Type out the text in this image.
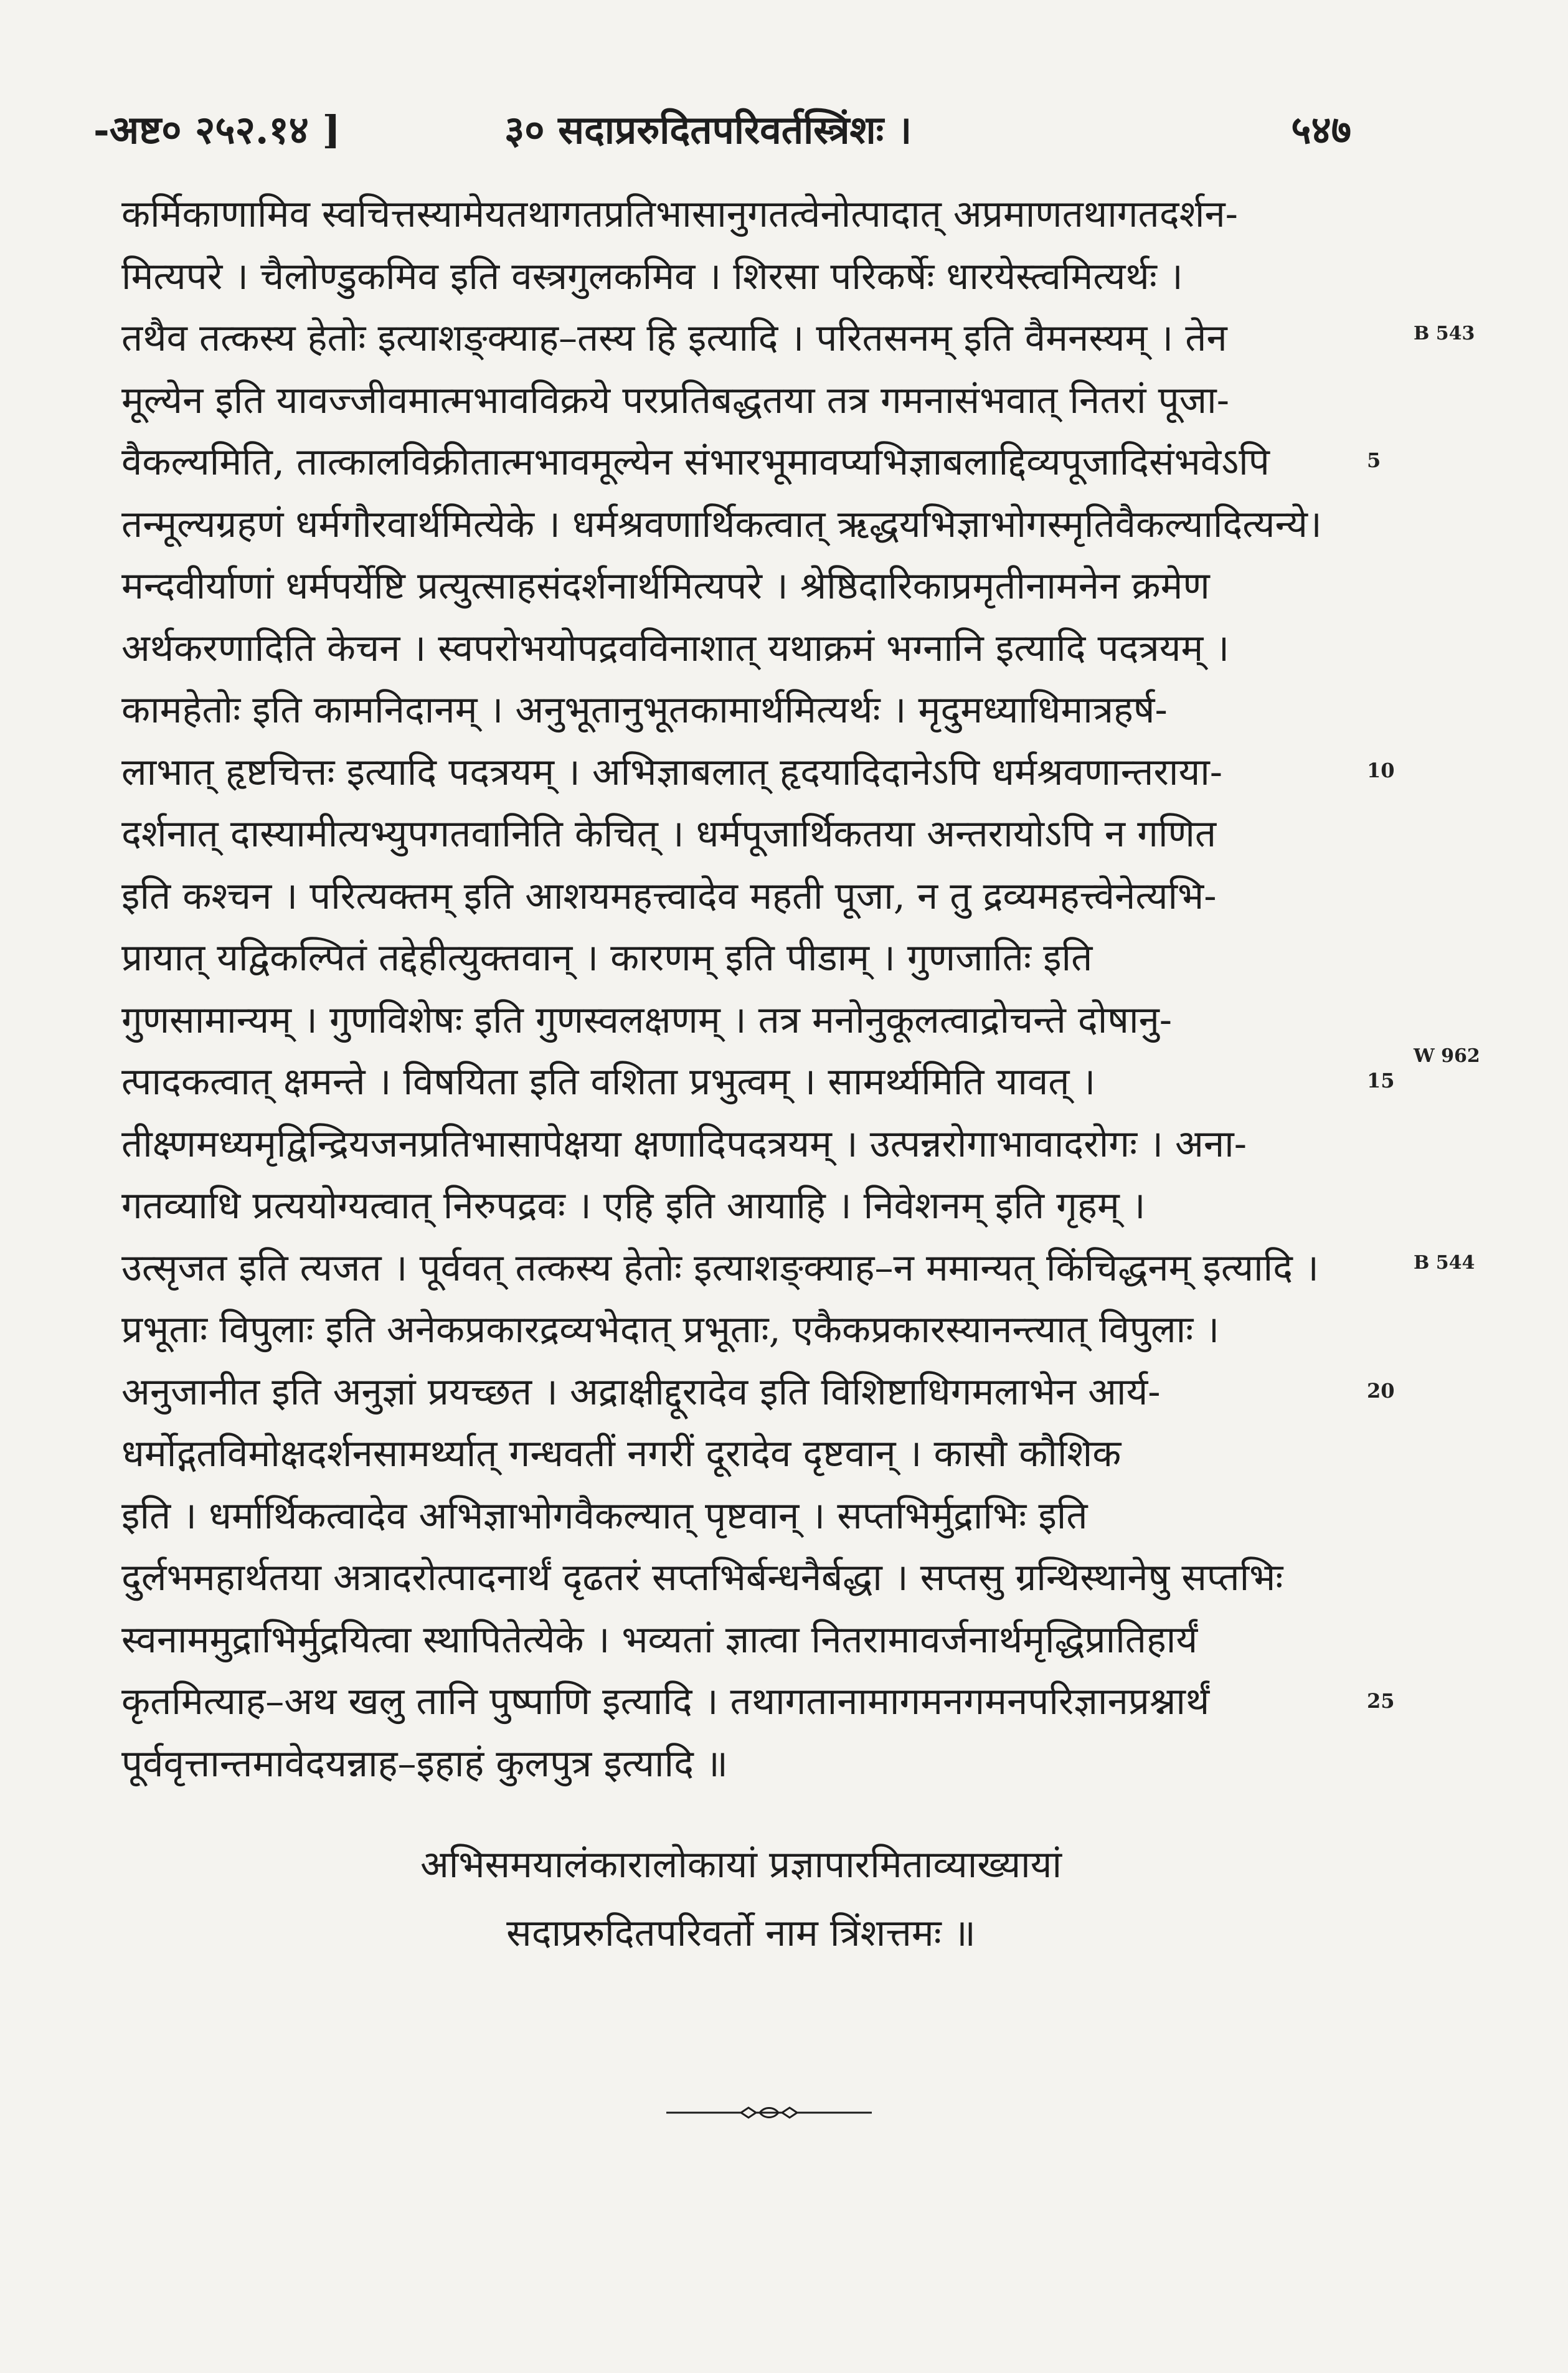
-अष्ट० २५२.१४ ]	३० सदाप्ररुदितपरिवर्तस्त्रिंशः ।	५४७
कर्मिकाणामिव स्वचित्तस्यामेयतथागतप्रतिभासानुगतत्वेनोत्पादात् अप्रमाणतथागतदर्शन-
मित्यपरे । चैलोण्डुकमिव इति वस्त्रगुलकमिव । शिरसा परिकर्षेः धारयेस्त्वमित्यर्थः ।
तथैव तत्कस्य हेतोः इत्याशङ्क्याह–तस्य हि इत्यादि । परितसनम् इति वैमनस्यम् । तेन
मूल्येन इति यावज्जीवमात्मभावविक्रये परप्रतिबद्धतया तत्र गमनासंभवात् नितरां पूजा-
वैकल्यमिति, तात्कालविक्रीतात्मभावमूल्येन संभारभूमावप्यभिज्ञाबलाद्दिव्यपूजादिसंभवेऽपि
तन्मूल्यग्रहणं धर्मगौरवार्थमित्येके । धर्मश्रवणार्थिकत्वात् ऋद्धयभिज्ञाभोगस्मृतिवैकल्यादित्यन्ये।
मन्दवीर्याणां धर्मपर्येष्टि प्रत्युत्साहसंदर्शनार्थमित्यपरे । श्रेष्ठिदारिकाप्रमृतीनामनेन क्रमेण
अर्थकरणादिति केचन । स्वपरोभयोपद्रवविनाशात् यथाक्रमं भग्नानि इत्यादि पदत्रयम् ।
कामहेतोः इति कामनिदानम् । अनुभूतानुभूतकामार्थमित्यर्थः । मृदुमध्याधिमात्रहर्ष-
लाभात् हृष्टचित्तः इत्यादि पदत्रयम् । अभिज्ञाबलात् हृदयादिदानेऽपि धर्मश्रवणान्तराया-
दर्शनात् दास्यामीत्यभ्युपगतवानिति केचित् । धर्मपूजार्थिकतया अन्तरायोऽपि न गणित
इति कश्चन । परित्यक्तम् इति आशयमहत्त्वादेव महती पूजा, न तु द्रव्यमहत्त्वेनेत्यभि-
प्रायात् यद्विकल्पितं तद्देहीत्युक्तवान् । कारणम् इति पीडाम् । गुणजातिः इति
गुणसामान्यम् । गुणविशेषः इति गुणस्वलक्षणम् । तत्र मनोनुकूलत्वाद्रोचन्ते दोषानु-
त्पादकत्वात् क्षमन्ते । विषयिता इति वशिता प्रभुत्वम् । सामर्थ्यमिति यावत् ।
तीक्ष्णमध्यमृद्विन्द्रियजनप्रतिभासापेक्षया क्षणादिपदत्रयम् । उत्पन्नरोगाभावादरोगः । अना-
गतव्याधि प्रत्ययोग्यत्वात् निरुपद्रवः । एहि इति आयाहि । निवेशनम् इति गृहम् ।
उत्सृजत इति त्यजत । पूर्ववत् तत्कस्य हेतोः इत्याशङ्क्याह–न ममान्यत् किंचिद्धनम् इत्यादि ।
प्रभूताः विपुलाः इति अनेकप्रकारद्रव्यभेदात् प्रभूताः, एकैकप्रकारस्यानन्त्यात् विपुलाः ।
अनुजानीत इति अनुज्ञां प्रयच्छत । अद्राक्षीद्दूरादेव इति विशिष्टाधिगमलाभेन आर्य-
धर्मोद्गतविमोक्षदर्शनसामर्थ्यात् गन्धवतीं नगरीं दूरादेव दृष्टवान् । कासौ कौशिक
इति । धर्मार्थिकत्वादेव अभिज्ञाभोगवैकल्यात् पृष्टवान् । सप्तभिर्मुद्राभिः इति
दुर्लभमहार्थतया अत्रादरोत्पादनार्थं दृढतरं सप्तभिर्बन्धनैर्बद्धा । सप्तसु ग्रन्थिस्थानेषु सप्तभिः
स्वनाममुद्राभिर्मुद्रयित्वा स्थापितेत्येके । भव्यतां ज्ञात्वा नितरामावर्जनार्थमृद्धिप्रातिहार्यं
कृतमित्याह–अथ खलु तानि पुष्पाणि इत्यादि । तथागतानामागमनगमनपरिज्ञानप्रश्नार्थं
पूर्ववृत्तान्तमावेदयन्नाह–इहाहं कुलपुत्र इत्यादि ॥
5
10
15
20
25
B 543
W 962
B 544
अभिसमयालंकारालोकायां प्रज्ञापारमिताव्याख्यायां
सदाप्ररुदितपरिवर्तो नाम त्रिंशत्तमः ॥
